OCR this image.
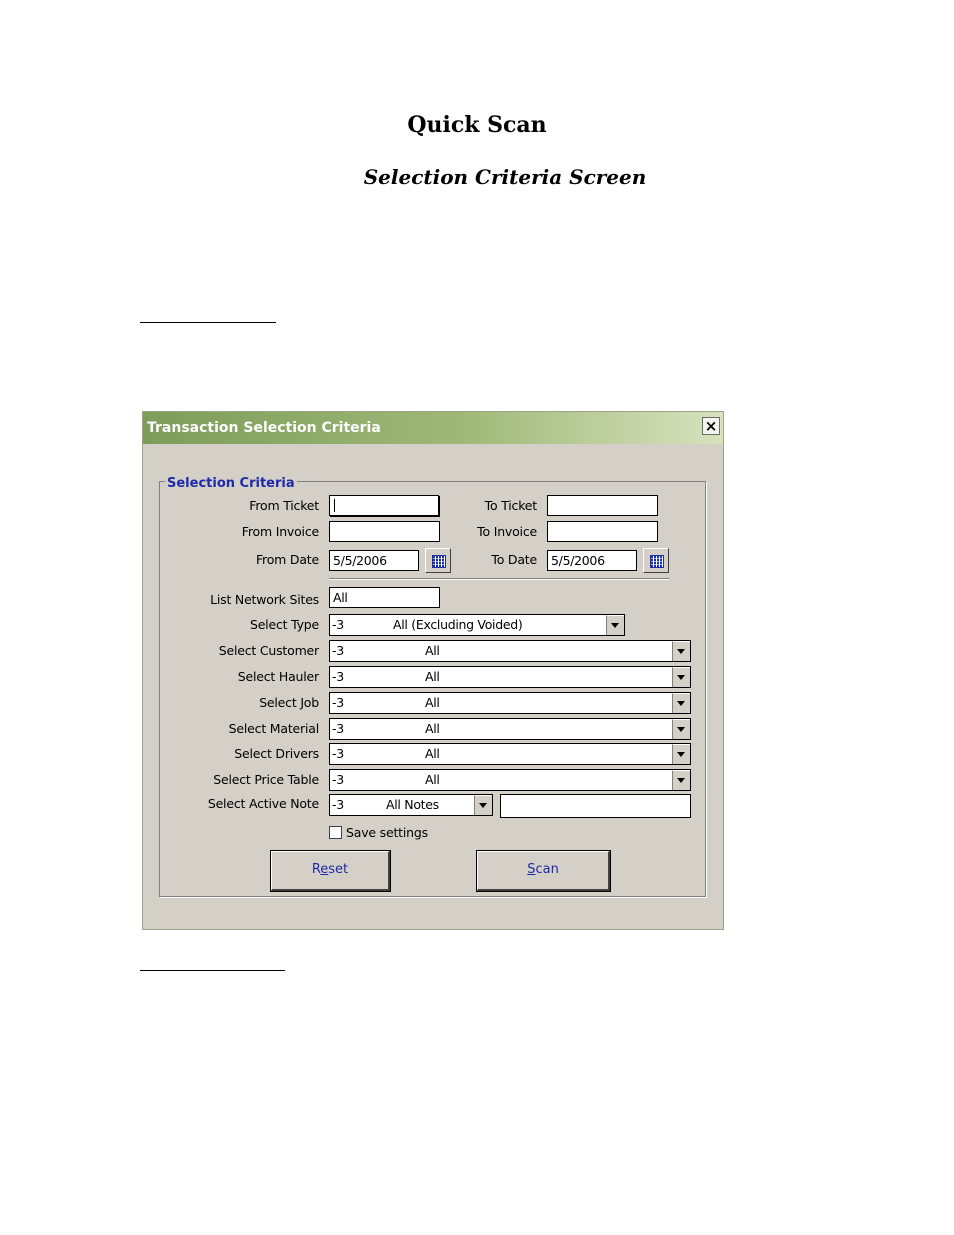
Quick Scan
Selection Criteria Screen
Transaction Selection Criteria	×
Selection Criteria
From Ticket	To Ticket
From Invoice	To Invoice
From Date	5/5/2006	To Date	5/5/2006
List Network Sites	All
Select Type -3	All (Excluding Voided)
Select Customer -3	All
Select Hauler -3	All
Select Job -3	All
Select Material -3	All
Select Drivers -3	All
Select Price Table -3	All
Select Active Note -3	All Notes
Save settings
Reset	Scan
